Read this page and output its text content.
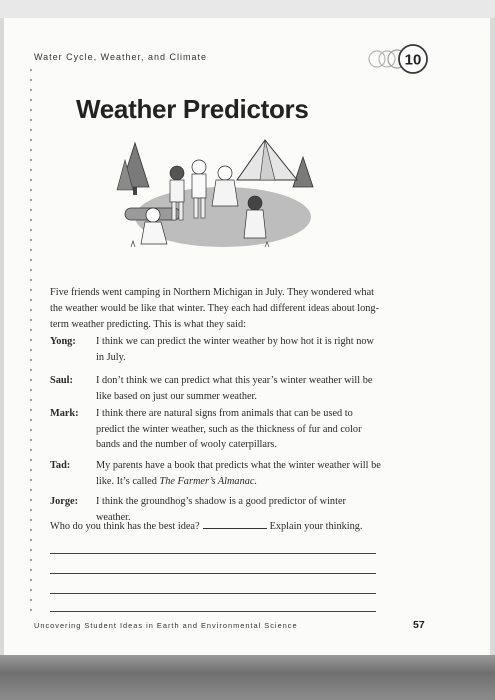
Water Cycle, Weather, and Climate	10
Weather Predictors
Five friends went camping in Northern Michigan in July. They wondered what the weather would be like that winter. They each had different ideas about long-term weather predicting. This is what they said:
Yong: I think we can predict the winter weather by how hot it is right now in July.
Saul: I don’t think we can predict what this year’s winter weather will be like based on just our summer weather.
Mark: I think there are natural signs from animals that can be used to predict the winter weather, such as the thickness of fur and color bands and the number of wooly caterpillars.
Tad:	My parents have a book that predicts what the winter weather will be like. It’s called The Farmer’s Almanac.
Jorge: I think the groundhog’s shadow is a good predictor of winter weather.
Who do you think has the best idea?	Explain your thinking.
Uncovering Student Ideas in Earth and Environmental Science	57
